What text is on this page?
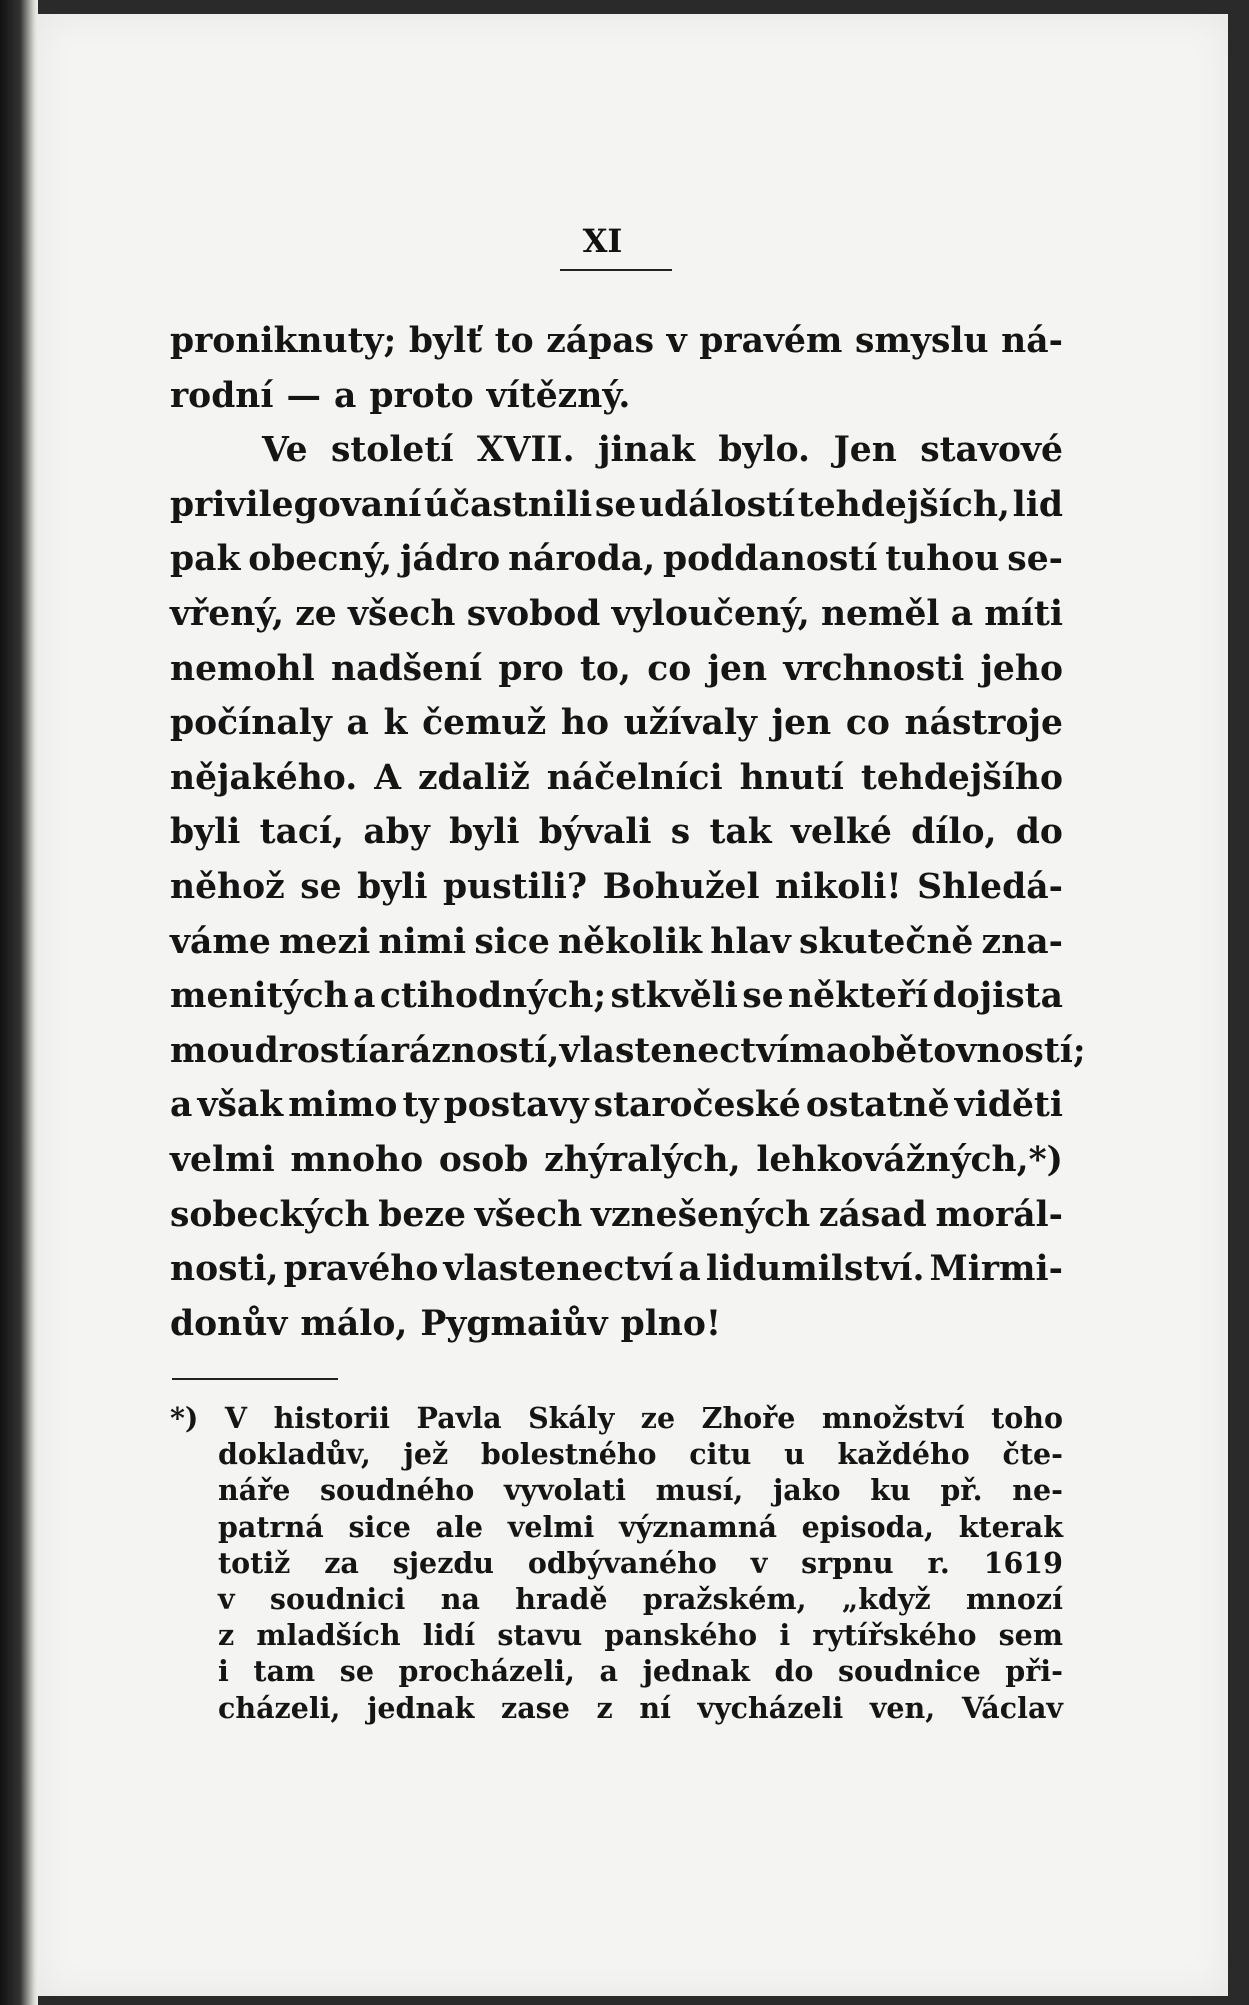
XI
proniknuty; bylť to zápas v pravém smyslu ná-
rodní — a proto vítězný.
Ve století XVII. jinak bylo. Jen stavové
privilegovaní účastnili se událostí tehdejších, lid
pak obecný, jádro národa, poddaností tuhou se-
vřený, ze všech svobod vyloučený, neměl a míti
nemohl nadšení pro to, co jen vrchnosti jeho
počínaly a k čemuž ho užívaly jen co nástroje
nějakého. A zdaliž náčelníci hnutí tehdejšího
byli tací, aby byli bývali s tak velké dílo, do
něhož se byli pustili? Bohužel nikoli! Shledá-
váme mezi nimi sice několik hlav skutečně zna-
menitých a ctihodných; stkvěli se někteří dojista
moudrostí a rázností, vlastenectvím a obětovností;
a však mimo ty postavy staročeské ostatně viděti
velmi mnoho osob zhýralých, lehkovážných,*)
sobeckých beze všech vznešených zásad morál-
nosti, pravého vlastenectví a lidumilství. Mirmi-
donův málo, Pygmaiův plno!
*) V historii Pavla Skály ze Zhoře množství toho
dokladův, jež bolestného citu u každého čte-
náře soudného vyvolati musí, jako ku př. ne-
patrná sice ale velmi významná episoda, kterak
totiž za sjezdu odbývaného v srpnu r. 1619
v soudnici na hradě pražském, „když mnozí
z mladších lidí stavu panského i rytířského sem
i tam se procházeli, a jednak do soudnice při-
cházeli, jednak zase z ní vycházeli ven, Václav
